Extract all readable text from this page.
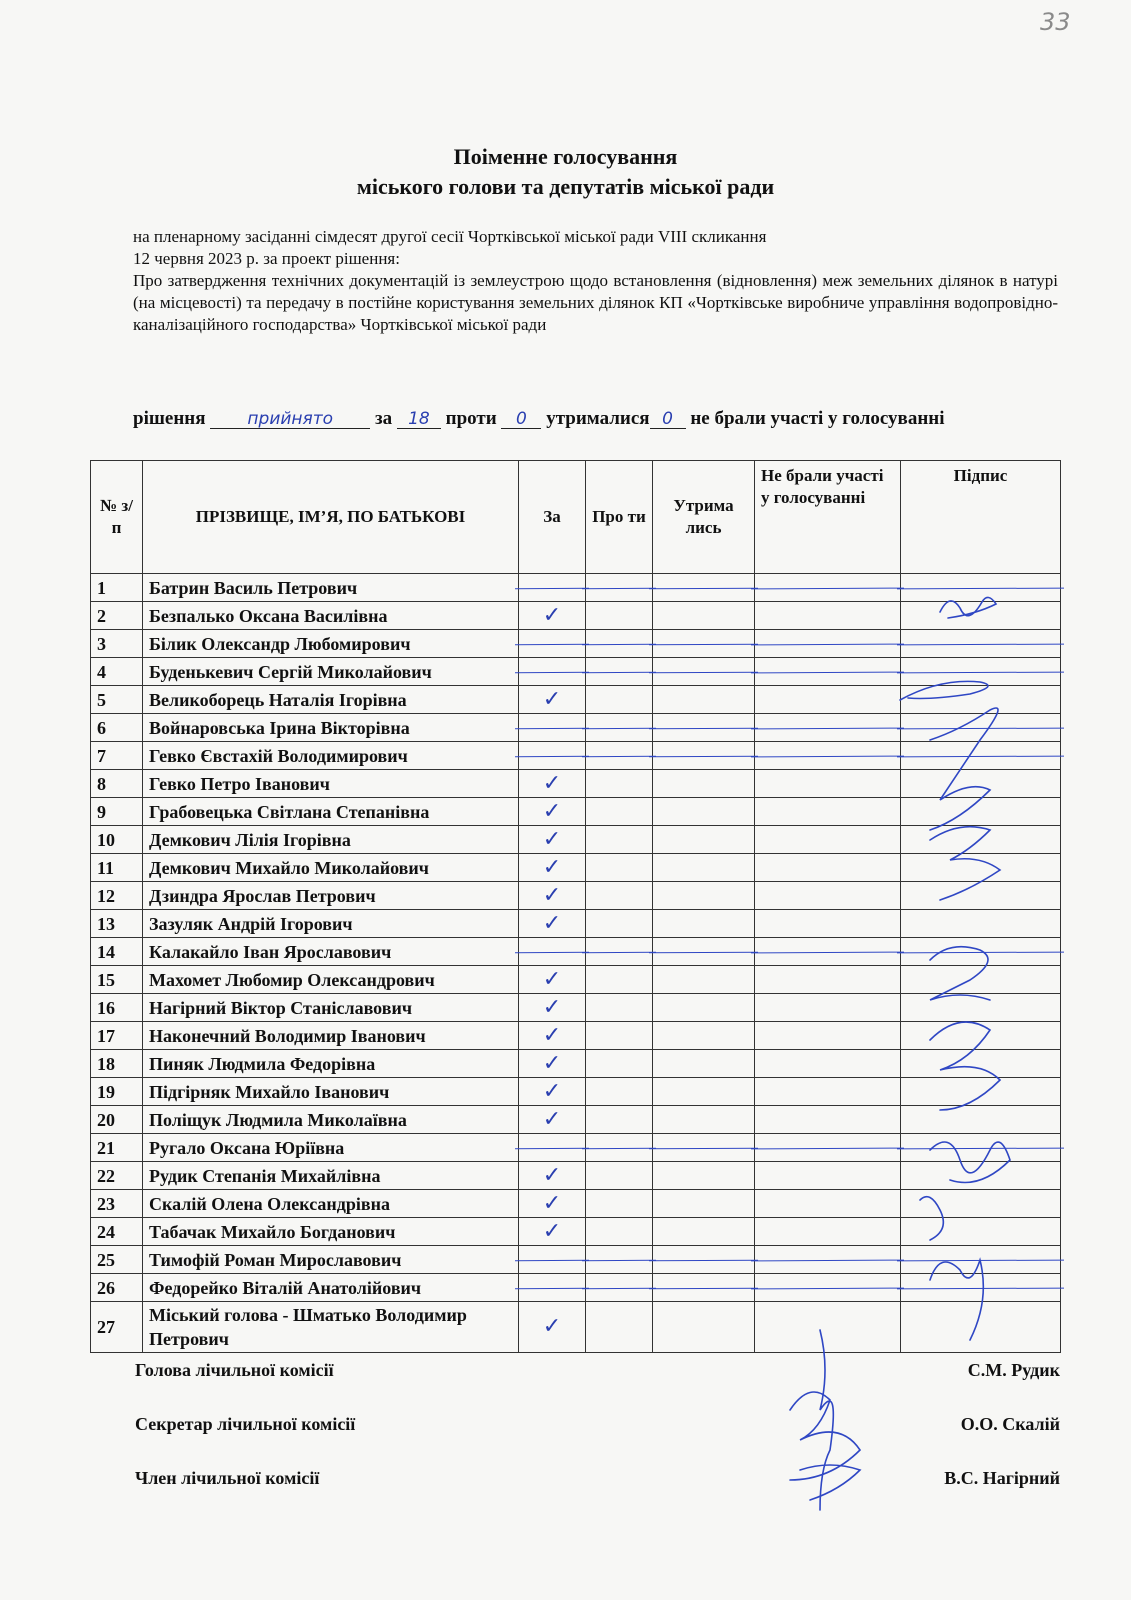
33
Поіменне голосування
міського голови та депутатів міської ради
на пленарному засіданні сімдесят другої сесії Чортківської міської ради VIII скликання
12 червня 2023 р. за проект рішення:
Про затвердження технічних документацій із землеустрою щодо встановлення (відновлення) меж земельних ділянок в натурі (на місцевості) та передачу в постійне користування земельних ділянок КП «Чортківське виробниче управління водопровідно-каналізаційного господарства» Чортківської міської ради
рішення прийнято за 18 проти 0 утрималися 0 не брали участі у голосуванні
№ з/п	ПРІЗВИЩЕ, ІМ’Я, ПО БАТЬКОВІ	За	Про ти	Утрима лись	Не брали участі у голосуванні	Підпис
1	Батрин Василь Петрович	

2	Безпалько Оксана Василівна	✓				
3	Білик Олександр Любомирович	

4	Буденькевич Сергій Миколайович	

5	Великоборець Наталія Ігорівна	✓				
6	Войнаровська Ірина Вікторівна	

7	Гевко Євстахій Володимирович	

8	Гевко Петро Іванович	✓				
9	Грабовецька Світлана Степанівна	✓				
10	Демкович Лілія Ігорівна	✓				
11	Демкович Михайло Миколайович	✓				
12	Дзиндра Ярослав Петрович	✓				
13	Зазуляк Андрій Ігорович	✓				
14	Калакайло Іван Ярославович	

15	Махомет Любомир Олександрович	✓				
16	Нагірний Віктор Станіславович	✓				
17	Наконечний Володимир Іванович	✓				
18	Пиняк Людмила Федорівна	✓				
19	Підгірняк Михайло Іванович	✓				
20	Поліщук Людмила Миколаївна	✓				
21	Ругало Оксана Юріївна	

22	Рудик Степанія Михайлівна	✓				
23	Скалій Олена Олександрівна	✓				
24	Табачак Михайло Богданович	✓				
25	Тимофій Роман Мирославович	

26	Федорейко Віталій Анатолійович	

27	Міський голова - Шматько Володимир Петрович	✓				
Голова лічильної комісії	С.М. Рудик
Секретар лічильної комісії	О.О. Скалій
Член лічильної комісії	В.С. Нагірний
